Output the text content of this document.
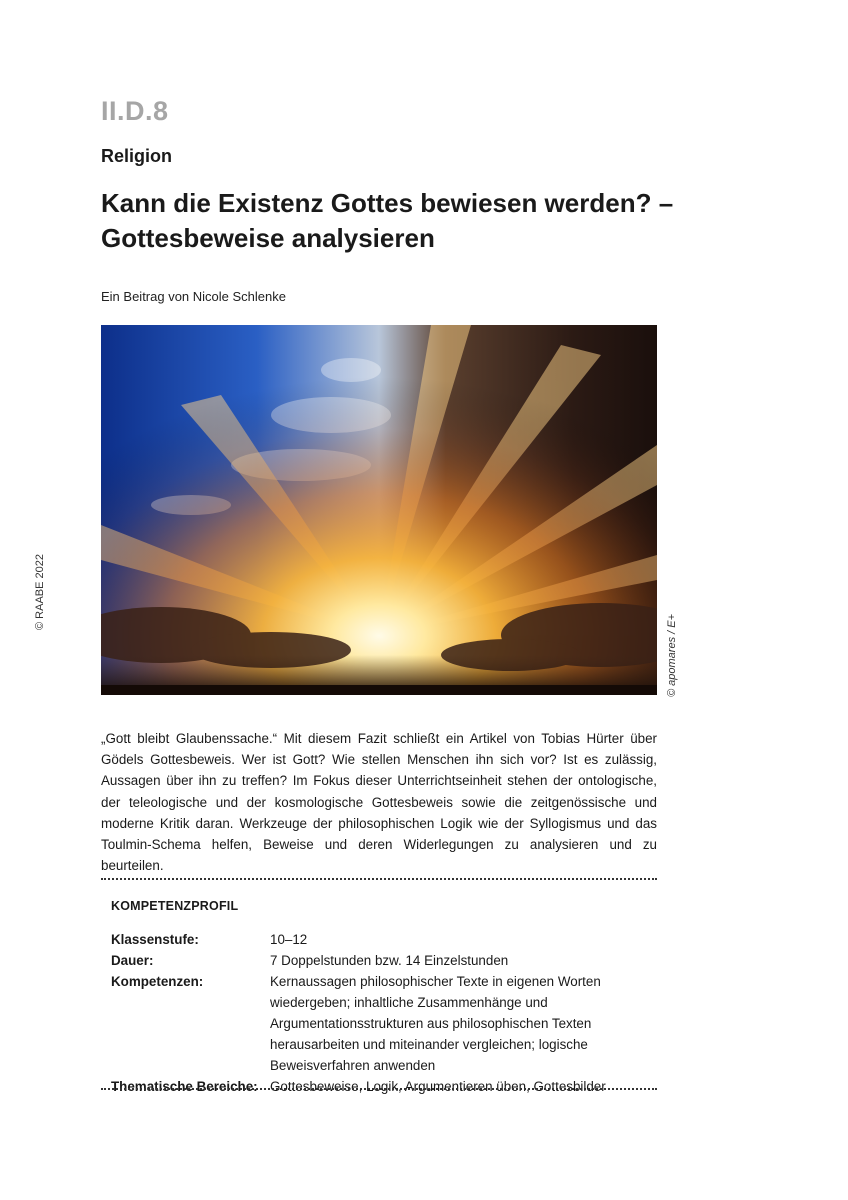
II.D.8
Religion
Kann die Existenz Gottes bewiesen werden? –
Gottesbeweise analysieren
Ein Beitrag von Nicole Schlenke
© RAABE 2022
© apomares / E+

„Gott bleibt Glaubenssache.“ Mit diesem Fazit schließt ein Artikel von Tobias Hürter über Gödels Gottesbeweis. Wer ist Gott? Wie stellen Menschen ihn sich vor? Ist es zulässig, Aussagen über ihn zu treffen? Im Fokus dieser Unterrichtseinheit stehen der ontologische, der teleologische und der kosmologische Gottesbeweis sowie die zeitgenössische und moderne Kritik daran. Werkzeuge der philosophischen Logik wie der Syllogismus und das Toulmin-Schema helfen, Beweise und deren Widerlegungen zu analysieren und zu beurteilen.

KOMPETENZPROFIL
Klassenstufe:	10–12
Dauer:	7 Doppelstunden bzw. 14 Einzelstunden
Kompetenzen:	Kernaussagen philosophischer Texte in eigenen Worten wiedergeben; inhaltliche Zusammenhänge und Argumentationsstrukturen aus philosophischen Texten herausarbeiten und miteinander vergleichen; logische Beweisverfahren anwenden
Thematische Bereiche: Gottesbeweise, Logik, Argumentieren üben, Gottesbilder
